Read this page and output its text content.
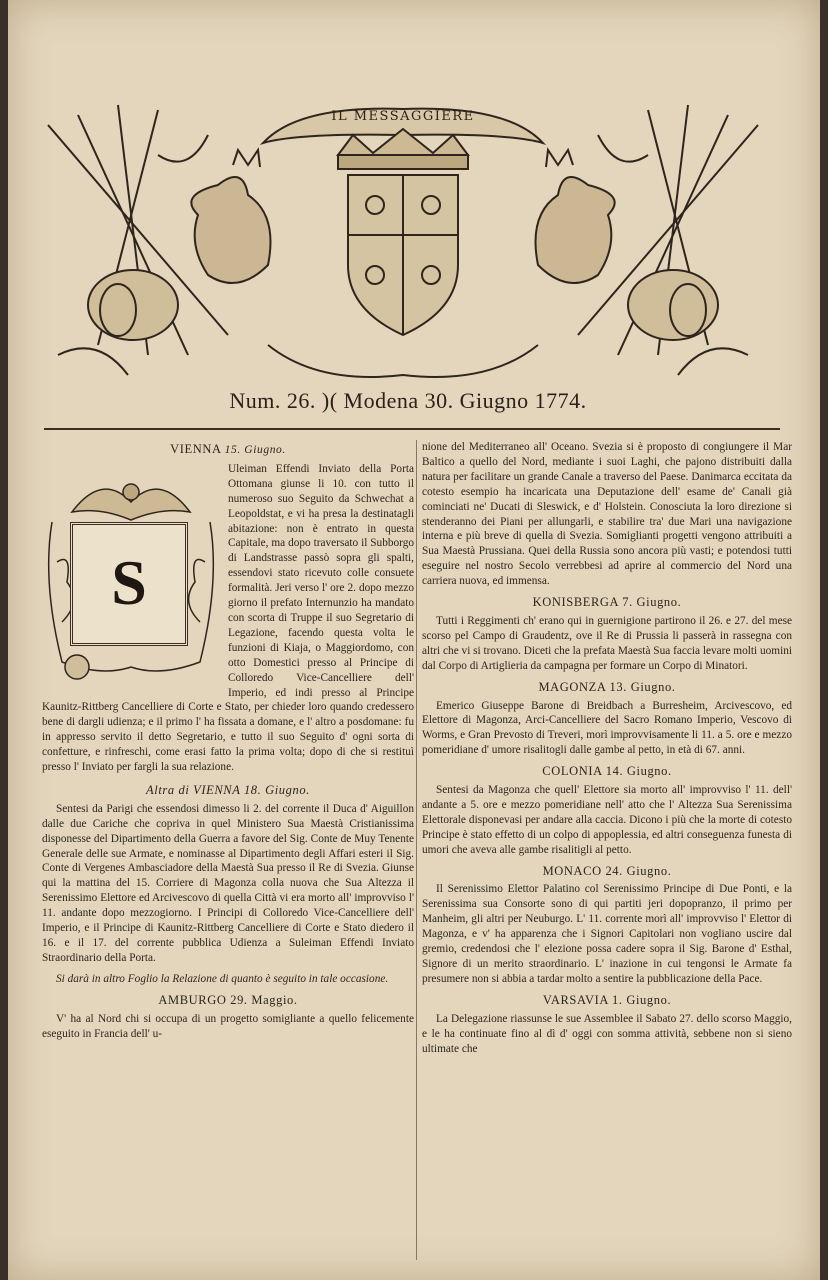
IL MESSAGGIERE
Num. 26. )( Modena 30. Giugno 1774.
VIENNA 15. Giugno.
S

Uleiman Effendi Inviato della Porta Ottomana giunse li 10. con tutto il numeroso suo Seguito da Schwechat a Leopoldstat, e vi ha presa la destinatagli abitazione: non è entrato in questa Capitale, ma dopo traversato il Subborgo di Landstrasse passò sopra gli spalti, essendovi stato ricevuto colle consuete formalità. Jeri verso l' ore 2. dopo mezzo giorno il prefato Internunzio ha mandato con scorta di Truppe il suo Segretario di Legazione, facendo questa volta le funzioni di Kiaja, o Maggiordomo, con otto Domestici presso al Principe di Colloredo Vice-Cancelliere dell' Imperio, ed indi presso al Principe Kaunitz-Rittberg Cancelliere di Corte e Stato, per chieder loro quando credessero bene di dargli udienza; e il primo l' ha fissata a domane, e l' altro a posdomane: fu in appresso servito il detto Segretario, e tutto il suo Seguito d' ogni sorta di confetture, e rinfreschi, come erasi fatto la prima volta; dopo di che si restituì presso l' Inviato per fargli la sua relazione.

Altra di VIENNA 18. Giugno.

Sentesi da Parigi che essendosi dimesso li 2. del corrente il Duca d' Aiguillon dalle due Cariche che copriva in quel Ministero Sua Maestà Cristianissima disponesse del Dipartimento della Guerra a favore del Sig. Conte de Muy Tenente Generale delle sue Armate, e nominasse al Dipartimento degli Affari esteri il Sig. Conte di Vergenes Ambasciadore della Maestà Sua presso il Re di Svezia. Giunse qui la mattina del 15. Corriere di Magonza colla nuova che Sua Altezza il Serenissimo Elettore ed Arcivescovo di quella Città vi era morto all' improvviso l' 11. andante dopo mezzogiorno. I Principi di Colloredo Vice-Cancelliere dell' Imperio, e il Principe di Kaunitz-Rittberg Cancelliere di Corte e Stato diedero il 16. e il 17. del corrente pubblica Udienza a Suleiman Effendi Inviato Straordinario della Porta.

Si darà in altro Foglio la Relazione di quanto è seguito in tale occasione.

AMBURGO 29. Maggio.

V' ha al Nord chi si occupa di un progetto somigliante a quello felicemente eseguito in Francia dell' u-

nione del Mediterraneo all' Oceano. Svezia si è proposto di congiungere il Mar Baltico a quello del Nord, mediante i suoi Laghi, che pajono distribuiti dalla natura per facilitare un grande Canale a traverso del Paese. Danimarca eccitata da cotesto esempio ha incaricata una Deputazione dell' esame de' Canali già cominciati ne' Ducati di Sleswick, e d' Holstein. Conosciuta la loro direzione si stenderanno dei Piani per allungarli, e stabilire tra' due Mari una navigazione interna e più breve di quella di Svezia. Somiglianti progetti vengono attribuiti a Sua Maestà Prussiana. Quei della Russia sono ancora più vasti; e potendosi tutti eseguire nel nostro Secolo verrebbesi ad aprire al commercio del Nord una carriera nuova, ed immensa.

KONISBERGA 7. Giugno.

Tutti i Reggimenti ch' erano qui in guernigione partirono il 26. e 27. del mese scorso pel Campo di Graudentz, ove il Re di Prussia li passerà in rassegna con altri che vi si trovano. Diceti che la prefata Maestà Sua faccia levare molti uomini dal Corpo di Artiglieria da campagna per formare un Corpo di Minatori.

MAGONZA 13. Giugno.

Emerico Giuseppe Barone di Breidbach a Burresheim, Arcivescovo, ed Elettore di Magonza, Arci-Cancelliere del Sacro Romano Imperio, Vescovo di Worms, e Gran Prevosto di Treveri, morì improvvisamente li 11. a 5. ore e mezzo pomeridiane d' umore risalitogli dalle gambe al petto, in età di 67. anni.

COLONIA 14. Giugno.

Sentesi da Magonza che quell' Elettore sia morto all' improvviso l' 11. dell' andante a 5. ore e mezzo pomeridiane nell' atto che l' Altezza Sua Serenissima Elettorale disponevasi per andare alla caccia. Dicono i più che la morte di cotesto Principe è stato effetto di un colpo di appoplessia, ed altri conseguenza funesta di umori che aveva alle gambe risalitigli al petto.

MONACO 24. Giugno.

Il Serenissimo Elettor Palatino col Serenissimo Principe di Due Ponti, e la Serenissima sua Consorte sono di qui partiti jeri dopopranzo, il primo per Manheim, gli altri per Neuburgo. L' 11. corrente morì all' improvviso l' Elettor di Magonza, e v' ha apparenza che i Signori Capitolari non vogliano uscire dal gremio, credendosi che l' elezione possa cadere sopra il Sig. Barone d' Esthal, Signore di un merito straordinario. L' inazione in cui tengonsi le Armate fa presumere non si abbia a tardar molto a sentire la pubblicazione della Pace.

VARSAVIA 1. Giugno.

La Delegazione riassunse le sue Assemblee il Sabato 27. dello scorso Maggio, e le ha continuate fino al dì d' oggi con somma attività, sebbene non si sieno ultimate che
